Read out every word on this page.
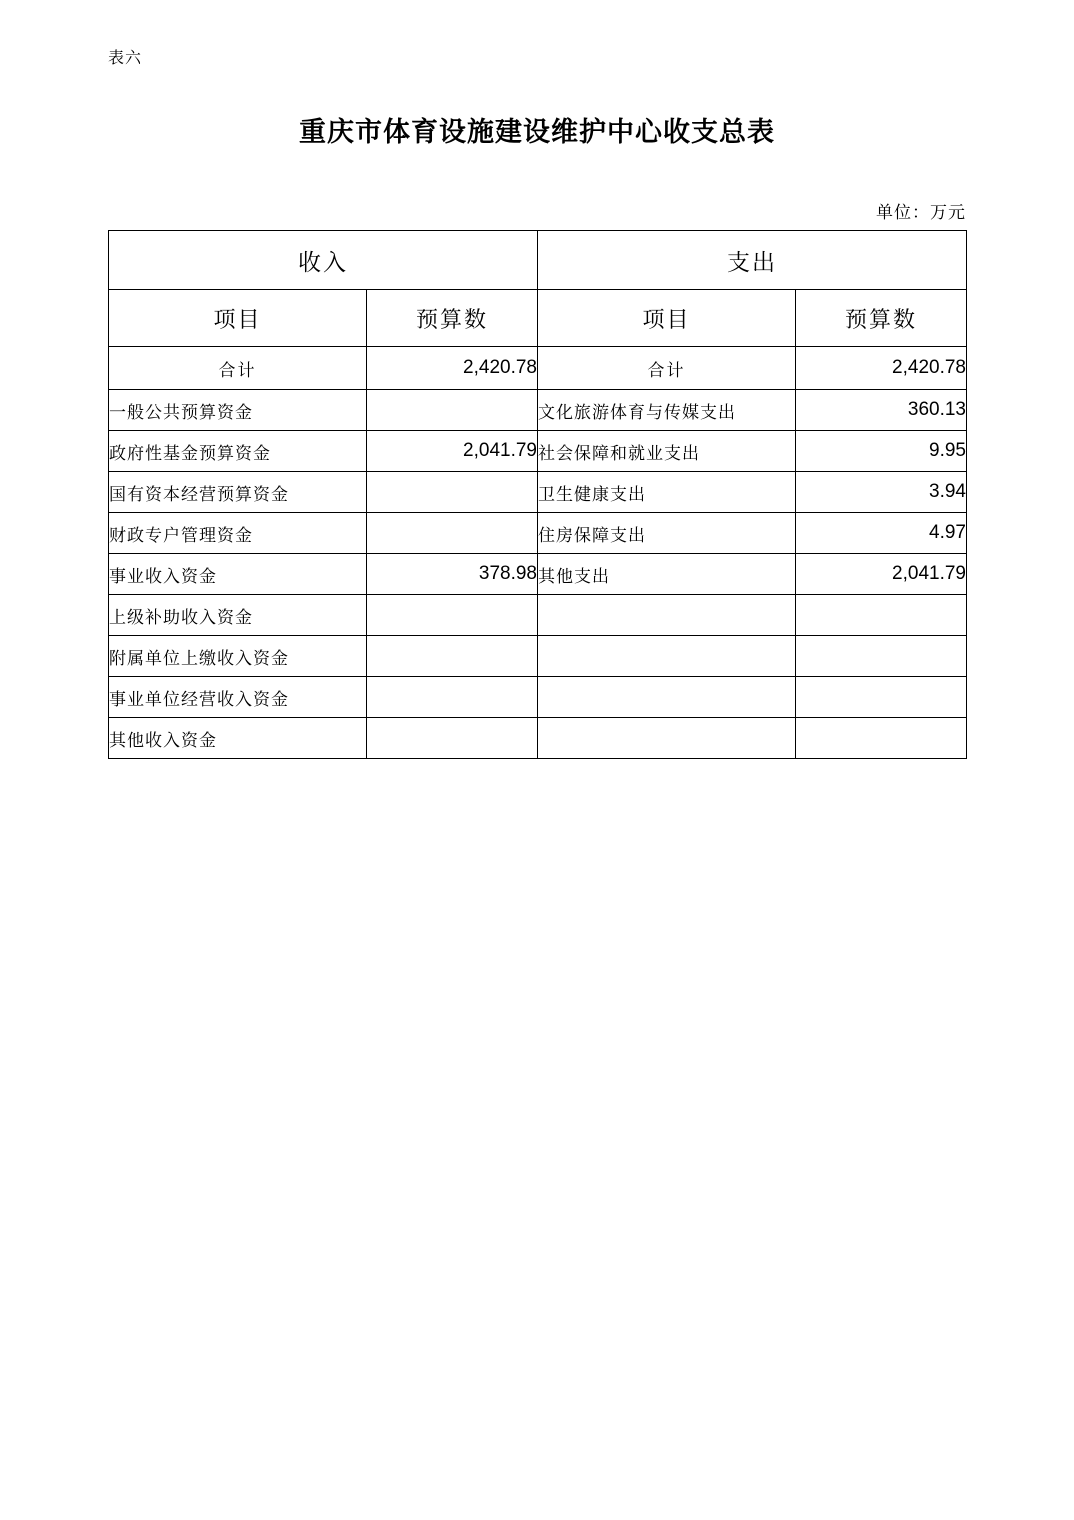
表六
重庆市体育设施建设维护中心收支总表
单位：万元
收入		支出	
项目	预算数	项目	预算数
合计	2,420.78	合计	2,420.78
一般公共预算资金		文化旅游体育与传媒支出	360.13
政府性基金预算资金	2,041.79	社会保障和就业支出	9.95
国有资本经营预算资金		卫生健康支出	3.94
财政专户管理资金		住房保障支出	4.97
事业收入资金	378.98	其他支出	2,041.79
上级补助收入资金			
附属单位上缴收入资金			
事业单位经营收入资金			
其他收入资金			
